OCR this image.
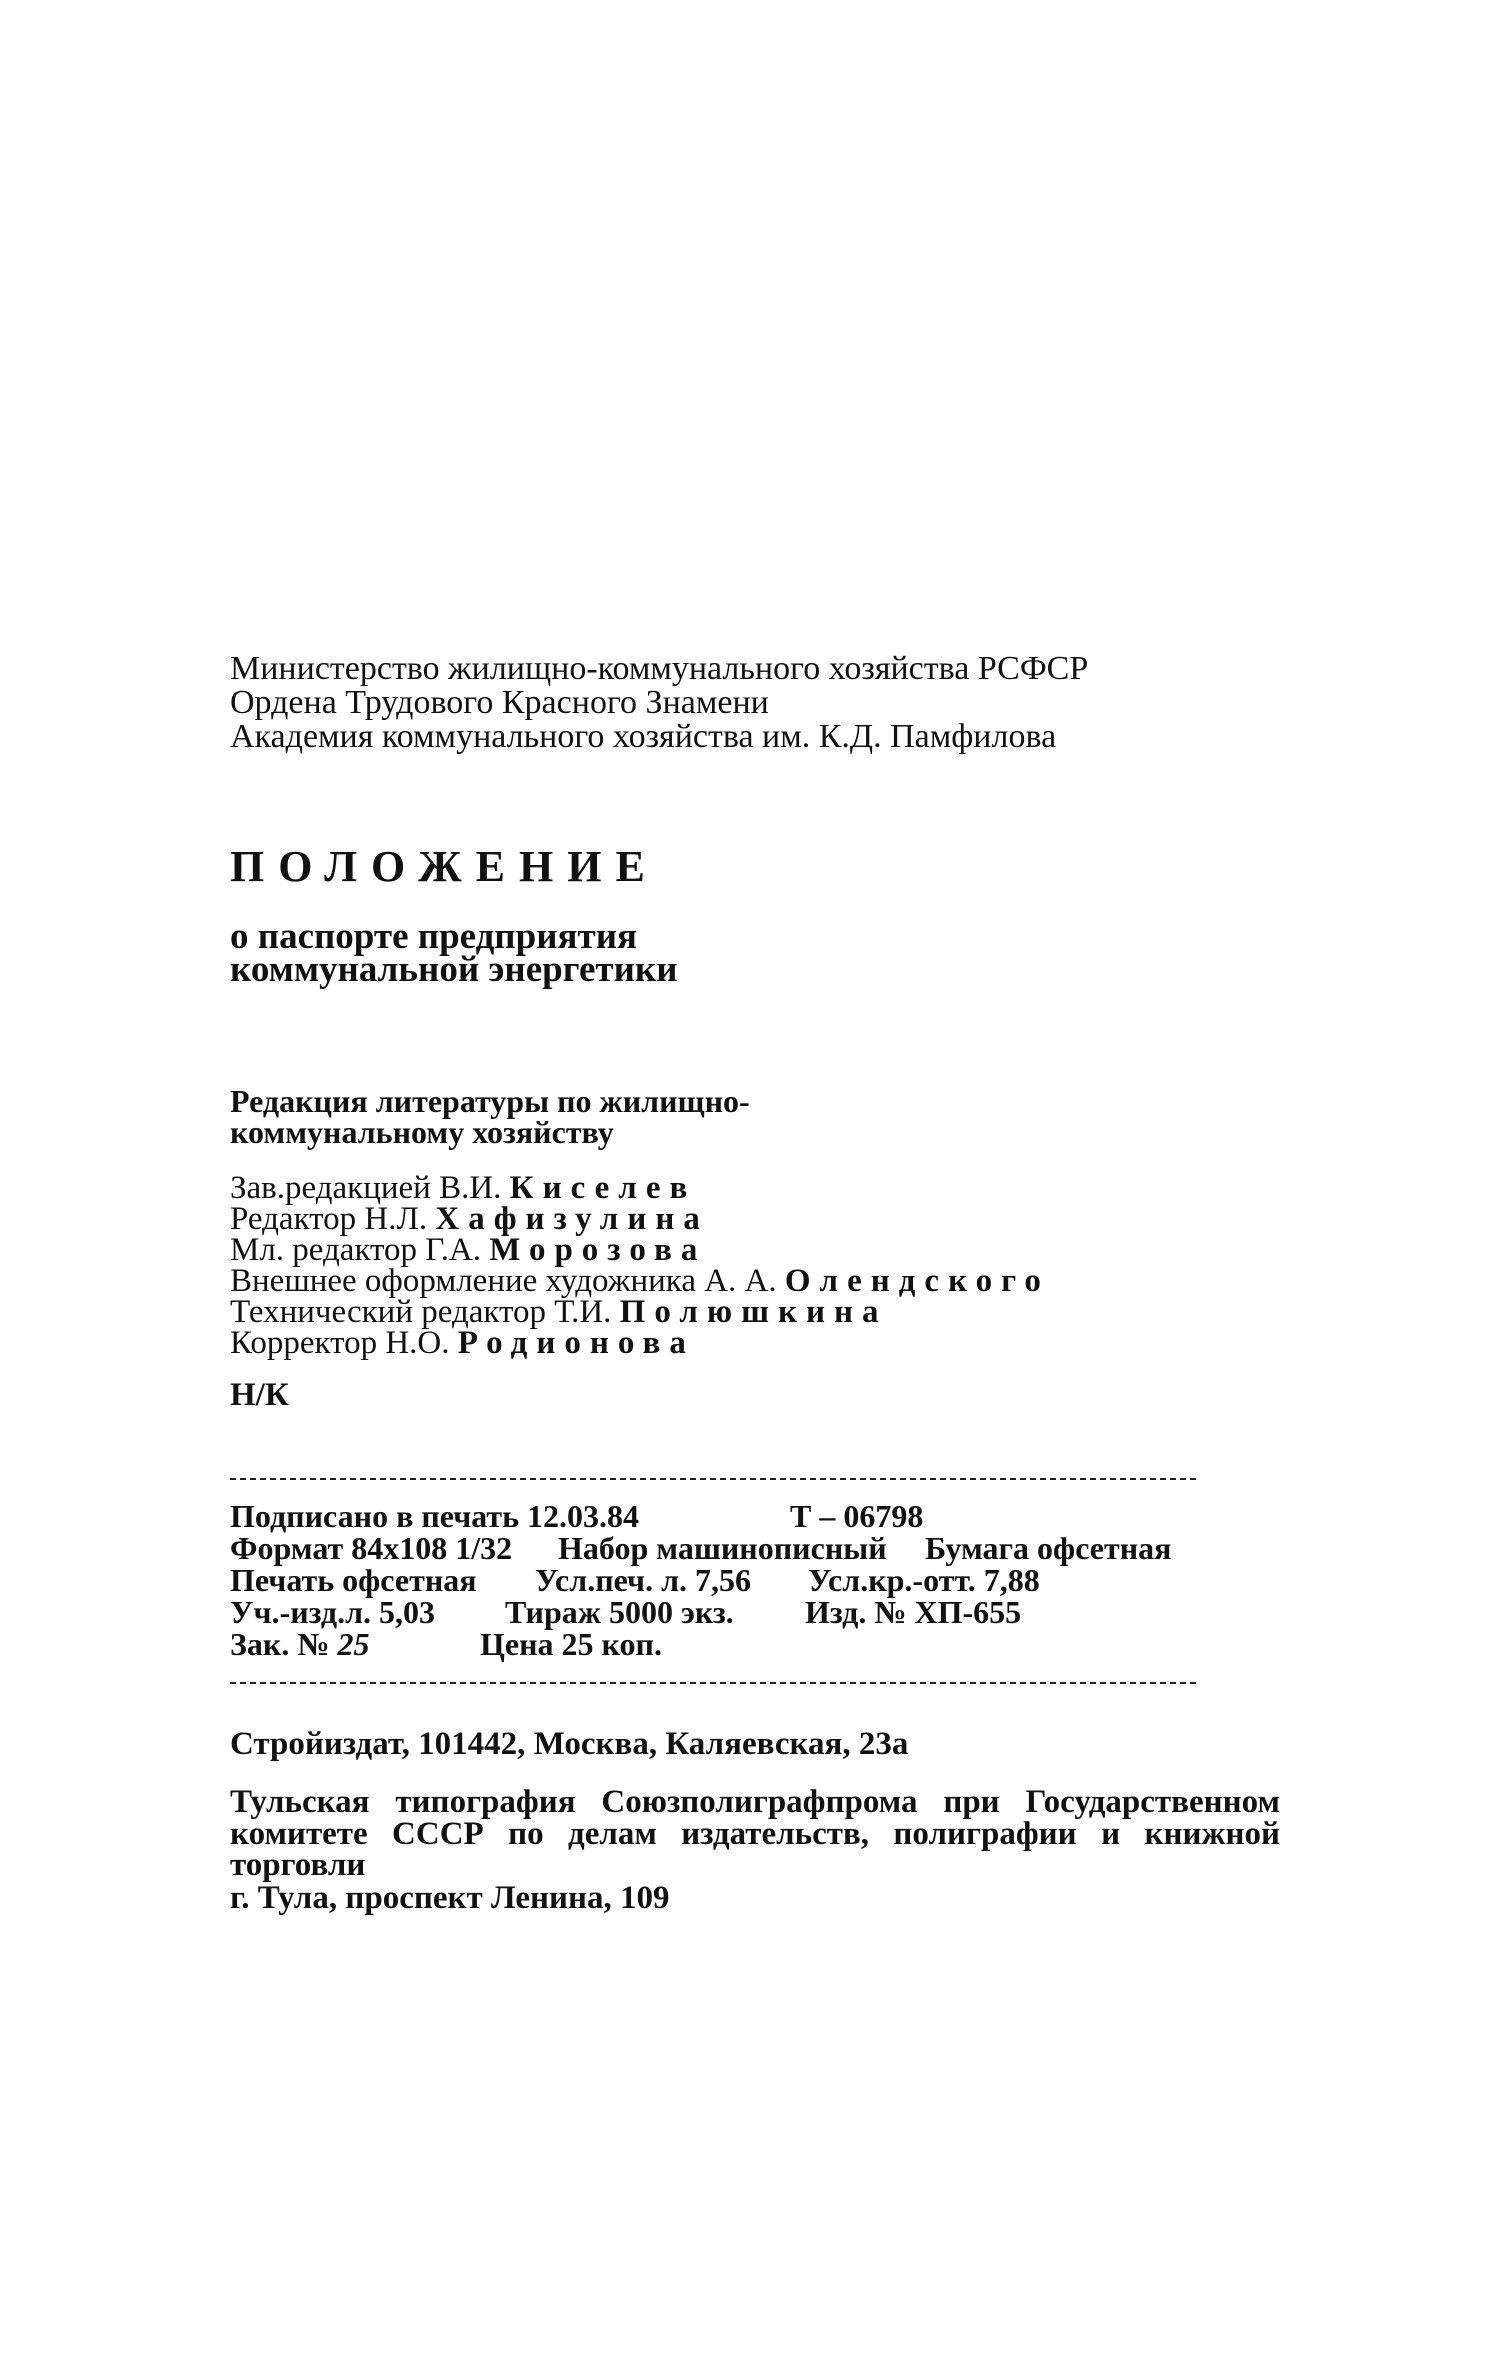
Министерство жилищно-коммунального хозяйства РСФСР
Ордена Трудового Красного Знамени
Академия коммунального хозяйства им. К.Д. Памфилова
ПОЛОЖЕНИЕ
о паспорте предприятия
коммунальной энергетики
Редакция литературы по жилищно-
коммунальному хозяйству
Зав.редакцией В.И. Киселев
Редактор Н.Л. Хафизулина
Мл. редактор Г.А. Морозова
Внешнее оформление художника А. А. Олендского
Технический редактор Т.И. Полюшкина
Корректор Н.О. Родионова
Н/К
Подписано в печать 12.03.84	Т – 06798
Формат 84х108 1/32 Набор машинописный Бумага офсетная
Печать офсетная Усл.печ. л. 7,56 Усл.кр.-отт. 7,88
Уч.-изд.л. 5,03 Тираж 5000 экз. Изд. № ХП-655
Зак. № 25	Цена 25 коп.
Стройиздат, 101442, Москва, Каляевская, 23а
Тульская типография Союзполиграфпрома при Государственном
комитете СССР по делам издательств, полиграфии и книжной
торговли
г. Тула, проспект Ленина, 109
